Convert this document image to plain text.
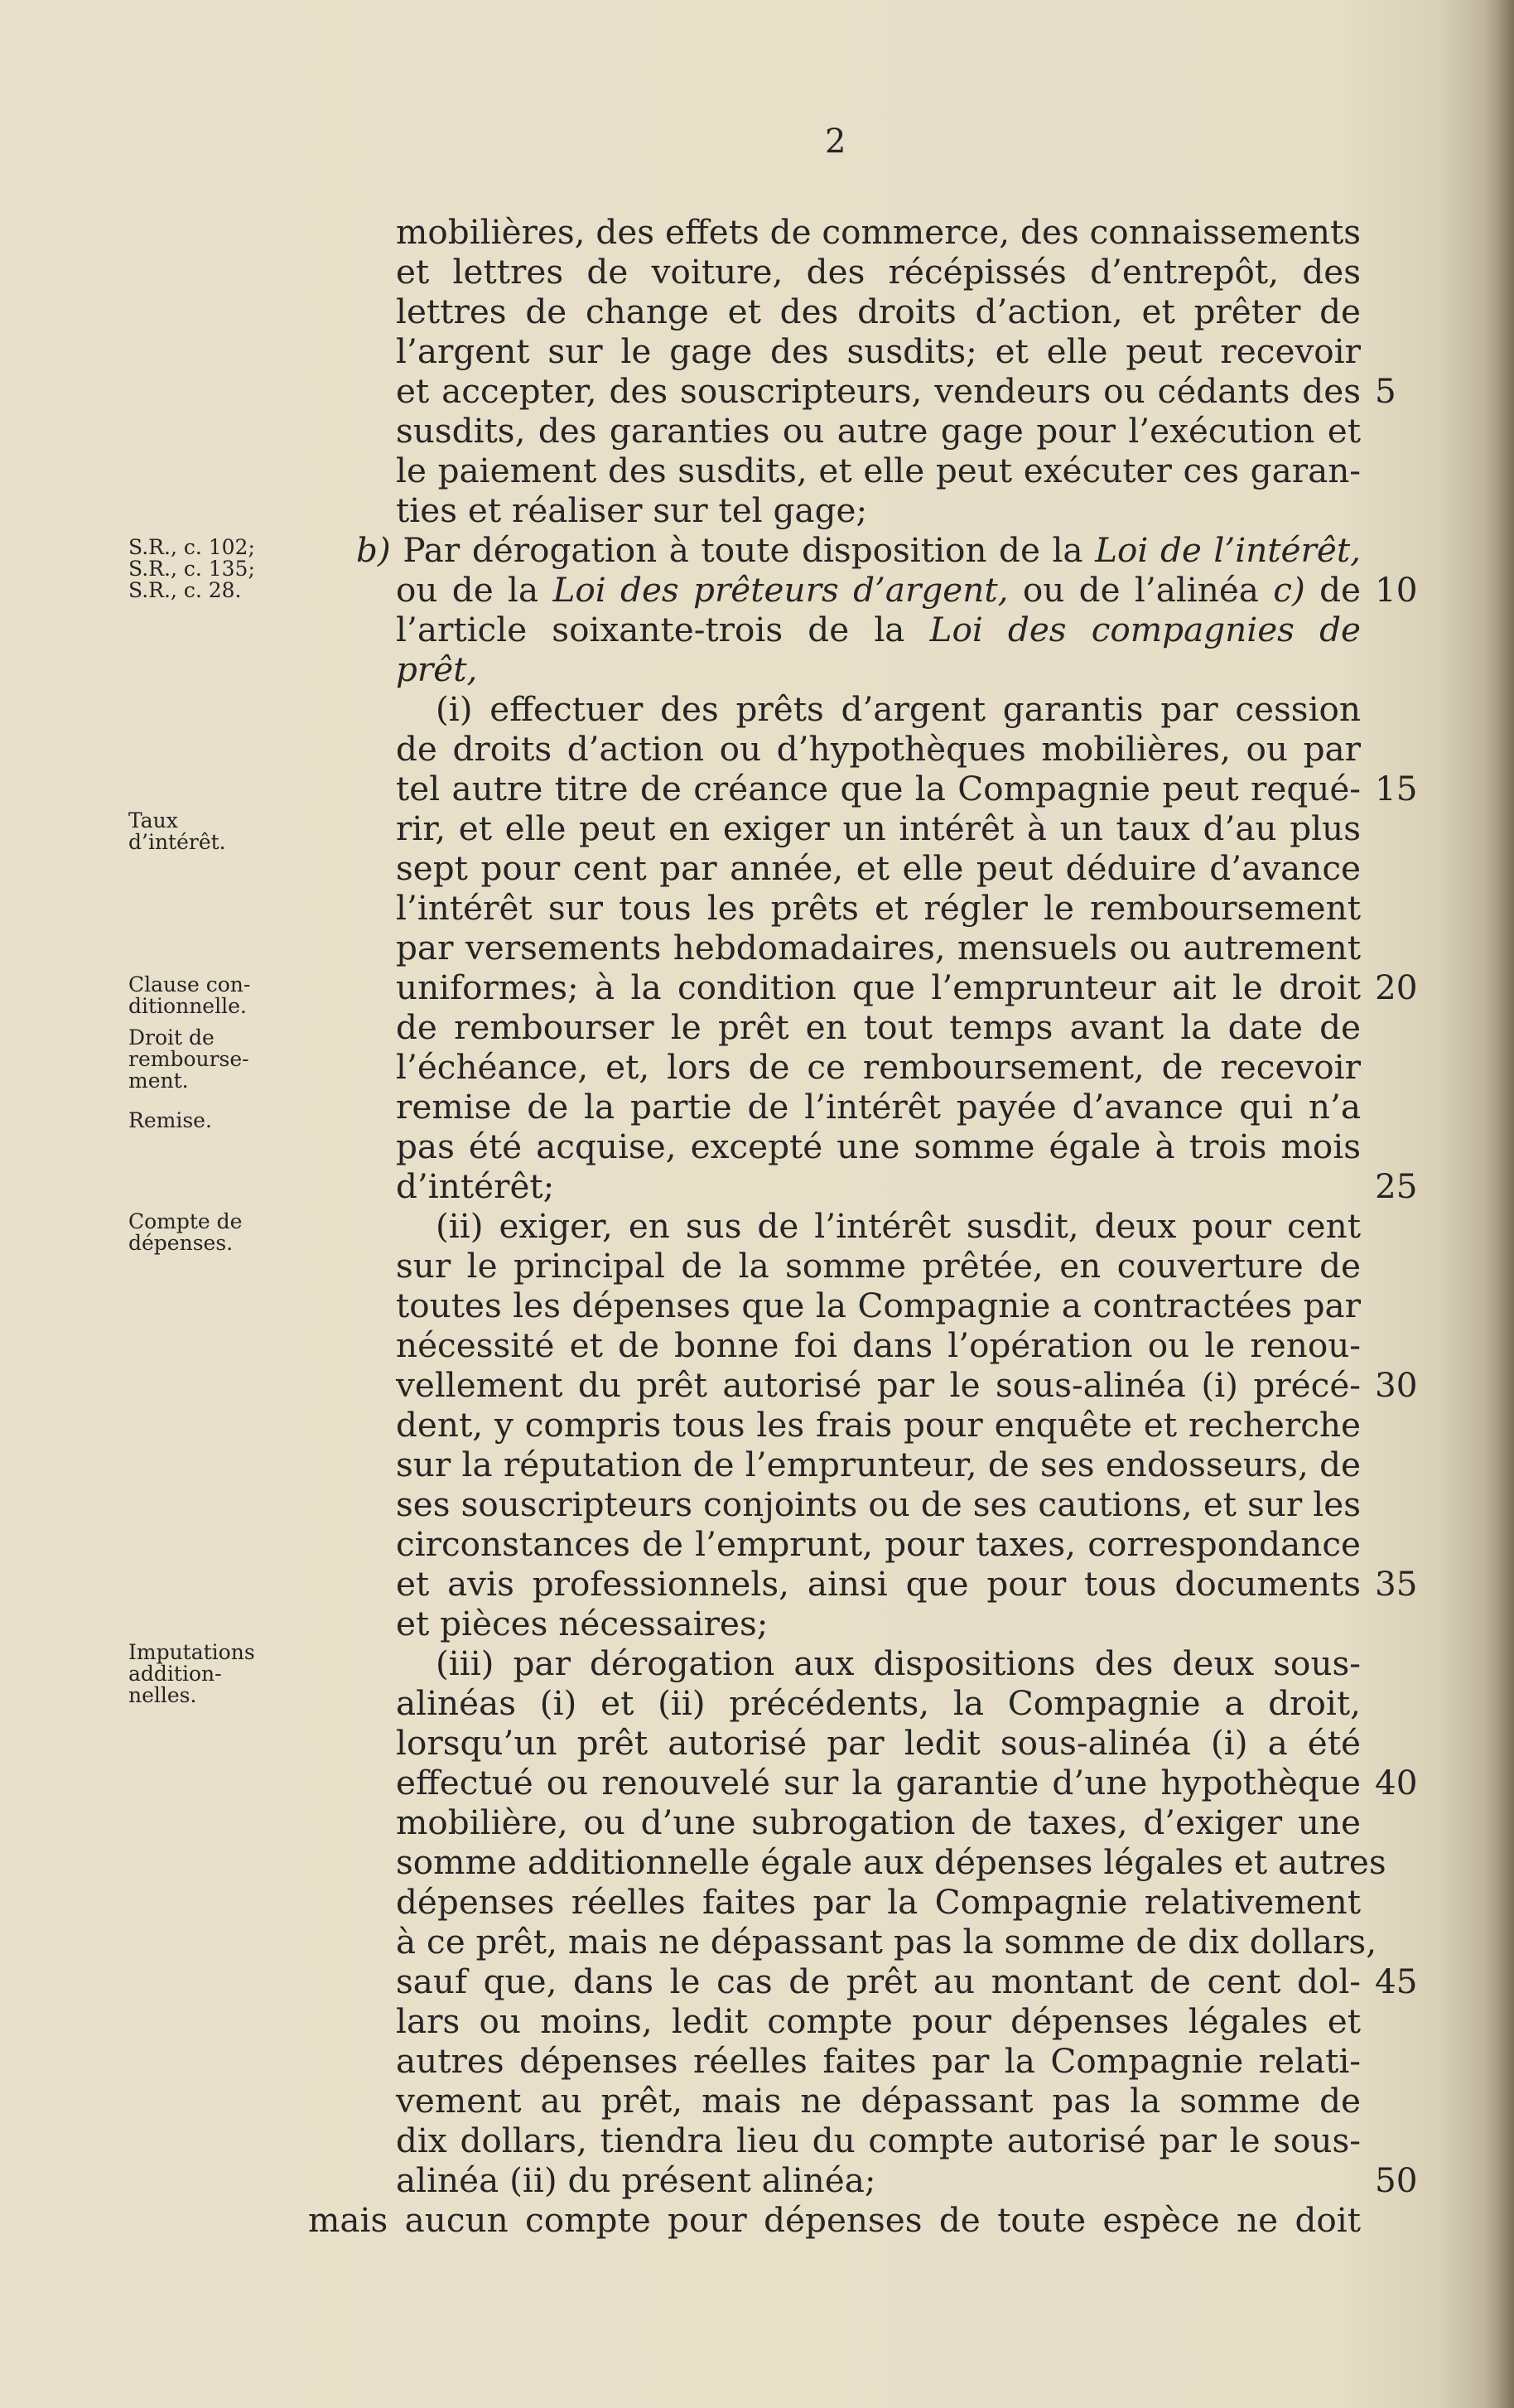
2
mobilières, des effets de commerce, des connaissements
et lettres de voiture, des récépissés d’entrepôt, des
lettres de change et des droits d’action, et prêter de
l’argent sur le gage des susdits; et elle peut recevoir
et accepter, des souscripteurs, vendeurs ou cédants des
susdits, des garanties ou autre gage pour l’exécution et
le paiement des susdits, et elle peut exécuter ces garan-
ties et réaliser sur tel gage;
b) Par dérogation à toute disposition de la Loi de l’intérêt,
ou de la Loi des prêteurs d’argent, ou de l’alinéa c) de
l’article soixante-trois de la Loi des compagnies de
prêt,
(i) effectuer des prêts d’argent garantis par cession
de droits d’action ou d’hypothèques mobilières, ou par
tel autre titre de créance que la Compagnie peut requé-
rir, et elle peut en exiger un intérêt à un taux d’au plus
sept pour cent par année, et elle peut déduire d’avance
l’intérêt sur tous les prêts et régler le remboursement
par versements hebdomadaires, mensuels ou autrement
uniformes; à la condition que l’emprunteur ait le droit
de rembourser le prêt en tout temps avant la date de
l’échéance, et, lors de ce remboursement, de recevoir
remise de la partie de l’intérêt payée d’avance qui n’a
pas été acquise, excepté une somme égale à trois mois
d’intérêt;
(ii) exiger, en sus de l’intérêt susdit, deux pour cent
sur le principal de la somme prêtée, en couverture de
toutes les dépenses que la Compagnie a contractées par
nécessité et de bonne foi dans l’opération ou le renou-
vellement du prêt autorisé par le sous-alinéa (i) précé-
dent, y compris tous les frais pour enquête et recherche
sur la réputation de l’emprunteur, de ses endosseurs, de
ses souscripteurs conjoints ou de ses cautions, et sur les
circonstances de l’emprunt, pour taxes, correspondance
et avis professionnels, ainsi que pour tous documents
et pièces nécessaires;
(iii) par dérogation aux dispositions des deux sous-
alinéas (i) et (ii) précédents, la Compagnie a droit,
lorsqu’un prêt autorisé par ledit sous-alinéa (i) a été
effectué ou renouvelé sur la garantie d’une hypothèque
mobilière, ou d’une subrogation de taxes, d’exiger une
somme additionnelle égale aux dépenses légales et autres
dépenses réelles faites par la Compagnie relativement
à ce prêt, mais ne dépassant pas la somme de dix dollars,
sauf que, dans le cas de prêt au montant de cent dol-
lars ou moins, ledit compte pour dépenses légales et
autres dépenses réelles faites par la Compagnie relati-
vement au prêt, mais ne dépassant pas la somme de
dix dollars, tiendra lieu du compte autorisé par le sous-
alinéa (ii) du présent alinéa;
mais aucun compte pour dépenses de toute espèce ne doit
5
10
15
20
25
30
35
40
45
50
S.R., c. 102;
S.R., c. 135;
S.R., c. 28.
Taux
d’intérêt.
Clause con-
ditionnelle.
Droit de
rembourse-
ment.
Remise.
Compte de
dépenses.
Imputations
addition-
nelles.
